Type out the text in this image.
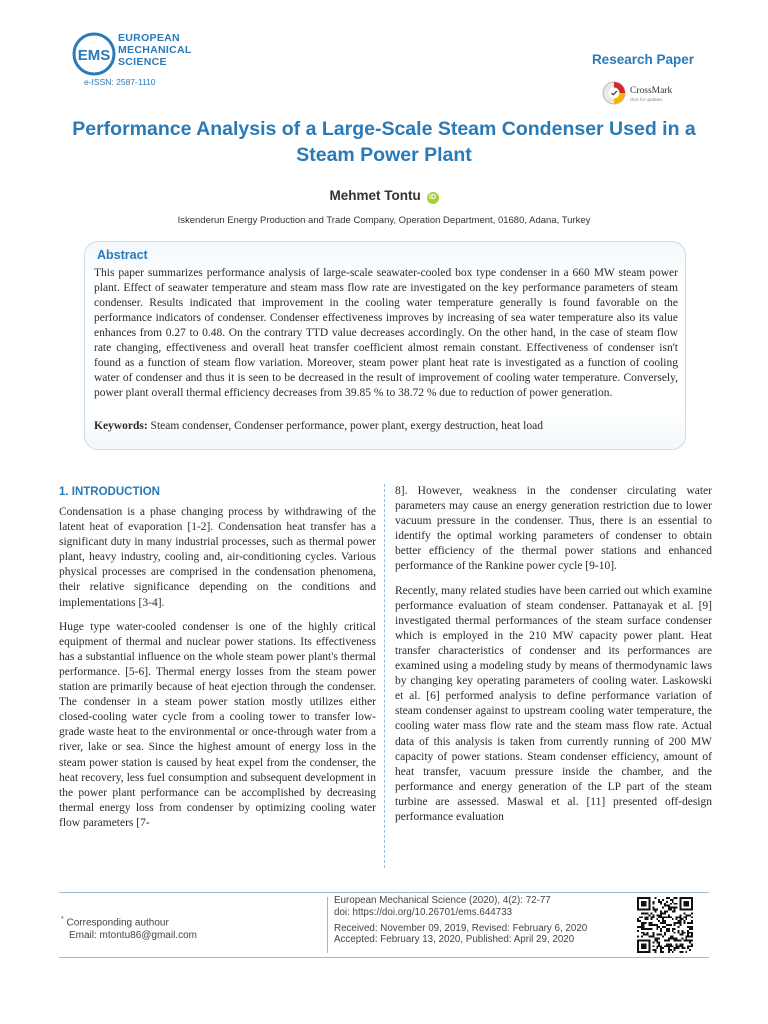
EMS
EUROPEAN
MECHANICAL
SCIENCE
e-ISSN: 2587-1110
Research Paper
CrossMark
click for updates
Performance Analysis of a Large-Scale Steam Condenser Used in a Steam Power Plant
Mehmet Tontu iD
Iskenderun Energy Production and Trade Company, Operation Department, 01680, Adana, Turkey
Abstract
This paper summarizes performance analysis of large-scale seawater-cooled box type condenser in a 660 MW steam power plant. Effect of seawater temperature and steam mass flow rate are investigated on the key performance parameters of steam condenser. Results indicated that improvement in the cooling water temperature generally is found favorable on the performance indicators of condenser. Condenser effectiveness improves by increasing of sea water temperature also its value enhances from 0.27 to 0.48. On the contrary TTD value decreases accordingly. On the other hand, in the case of steam flow rate changing, effectiveness and overall heat transfer coefficient almost remain constant. Effectiveness of condenser isn't found as a function of steam flow variation. Moreover, steam power plant heat rate is investigated as a function of cooling water of condenser and thus it is seen to be decreased in the result of improvement of cooling water temperature. Conversely, power plant overall thermal efficiency decreases from 39.85 % to 38.72 % due to reduction of power generation.
Keywords: Steam condenser, Condenser performance, power plant, exergy destruction, heat load
1. INTRODUCTION

Condensation is a phase changing process by withdrawing of the latent heat of evaporation [1-2]. Condensation heat transfer has a significant duty in many industrial processes, such as thermal power plant, heavy industry, cooling and, air-conditioning cycles. Various physical processes are comprised in the condensation phenomena, their relative significance depending on the conditions and implementations [3-4].

Huge type water-cooled condenser is one of the highly critical equipment of thermal and nuclear power stations. Its effectiveness has a substantial influence on the whole steam power plant's thermal performance. [5-6]. Thermal energy losses from the steam power station are primarily because of heat ejection through the condenser. The condenser in a steam power station mostly utilizes either closed-cooling water cycle from a cooling tower to transfer low-grade waste heat to the environmental or once-through water from a river, lake or sea. Since the highest amount of energy loss in the steam power station is caused by heat expel from the condenser, the heat recovery, less fuel consumption and subsequent development in the power plant performance can be accomplished by decreasing thermal energy loss from condenser by optimizing cooling water flow parameters [7-

8]. However, weakness in the condenser circulating water parameters may cause an energy generation restriction due to lower vacuum pressure in the condenser. Thus, there is an essential to identify the optimal working parameters of condenser to obtain better efficiency of the thermal power stations and enhanced performance of the Rankine power cycle [9-10].

Recently, many related studies have been carried out which examine performance evaluation of steam condenser. Pattanayak et al. [9] investigated thermal performances of the steam surface condenser which is employed in the 210 MW capacity power plant. Heat transfer characteristics of condenser and its performances are examined using a modeling study by means of thermodynamic laws by changing key operating parameters of cooling water. Laskowski et al. [6] performed analysis to define performance variation of steam condenser against to upstream cooling water temperature, the cooling water mass flow rate and the steam mass flow rate. Actual data of this analysis is taken from currently running of 200 MW capacity of power stations. Steam condenser efficiency, amount of heat transfer, vacuum pressure inside the chamber, and the performance and energy generation of the LP part of the steam turbine are assessed. Maswal et al. [11] presented off-design performance evaluation

* Corresponding authour
Email: mtontu86@gmail.com
European Mechanical Science (2020), 4(2): 72-77
doi: https://doi.org/10.26701/ems.644733
Received: November 09, 2019, Revised: February 6, 2020
Accepted: February 13, 2020, Published: April 29, 2020
